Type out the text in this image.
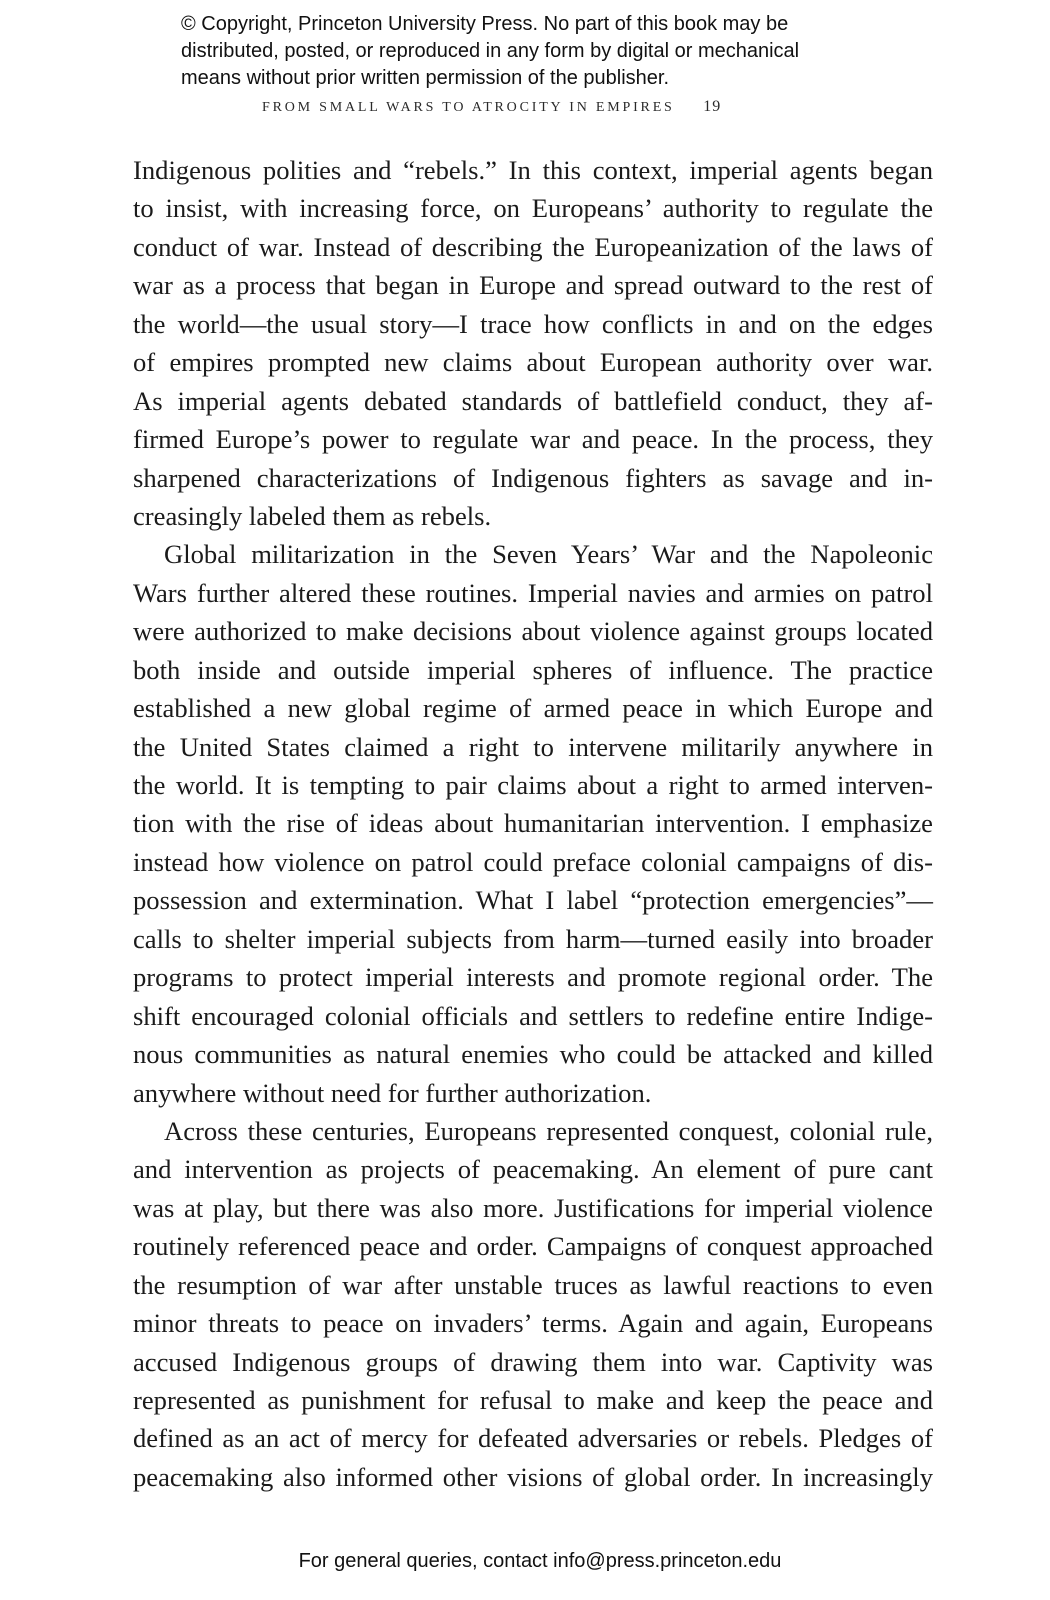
© Copyright, Princeton University Press. No part of this book may be
distributed, posted, or reproduced in any form by digital or mechanical
means without prior written permission of the publisher.
FROM SMALL WARS TO ATROCITY IN EMPIRES 19
Indigenous polities and “rebels.” In this context, imperial agents began
to insist, with increasing force, on Europeans’ authority to regulate the
conduct of war. Instead of describing the Europeanization of the laws of
war as a process that began in Europe and spread outward to the rest of
the world—the usual story—I trace how conflicts in and on the edges
of empires prompted new claims about European authority over war.
As imperial agents debated standards of battlefield conduct, they af-
firmed Europe’s power to regulate war and peace. In the process, they
sharpened characterizations of Indigenous fighters as savage and in-
creasingly labeled them as rebels.
Global militarization in the Seven Years’ War and the Napoleonic
Wars further altered these routines. Imperial navies and armies on patrol
were authorized to make decisions about violence against groups located
both inside and outside imperial spheres of influence. The practice
established a new global regime of armed peace in which Europe and
the United States claimed a right to intervene militarily anywhere in
the world. It is tempting to pair claims about a right to armed interven-
tion with the rise of ideas about humanitarian intervention. I emphasize
instead how violence on patrol could preface colonial campaigns of dis-
possession and extermination. What I label “protection emergencies”—
calls to shelter imperial subjects from harm—turned easily into broader
programs to protect imperial interests and promote regional order. The
shift encouraged colonial officials and settlers to redefine entire Indige-
nous communities as natural enemies who could be attacked and killed
anywhere without need for further authorization.
Across these centuries, Europeans represented conquest, colonial rule,
and intervention as projects of peacemaking. An element of pure cant
was at play, but there was also more. Justifications for imperial violence
routinely referenced peace and order. Campaigns of conquest approached
the resumption of war after unstable truces as lawful reactions to even
minor threats to peace on invaders’ terms. Again and again, Europeans
accused Indigenous groups of drawing them into war. Captivity was
represented as punishment for refusal to make and keep the peace and
defined as an act of mercy for defeated adversaries or rebels. Pledges of
peacemaking also informed other visions of global order. In increasingly
For general queries, contact info@press.princeton.edu
